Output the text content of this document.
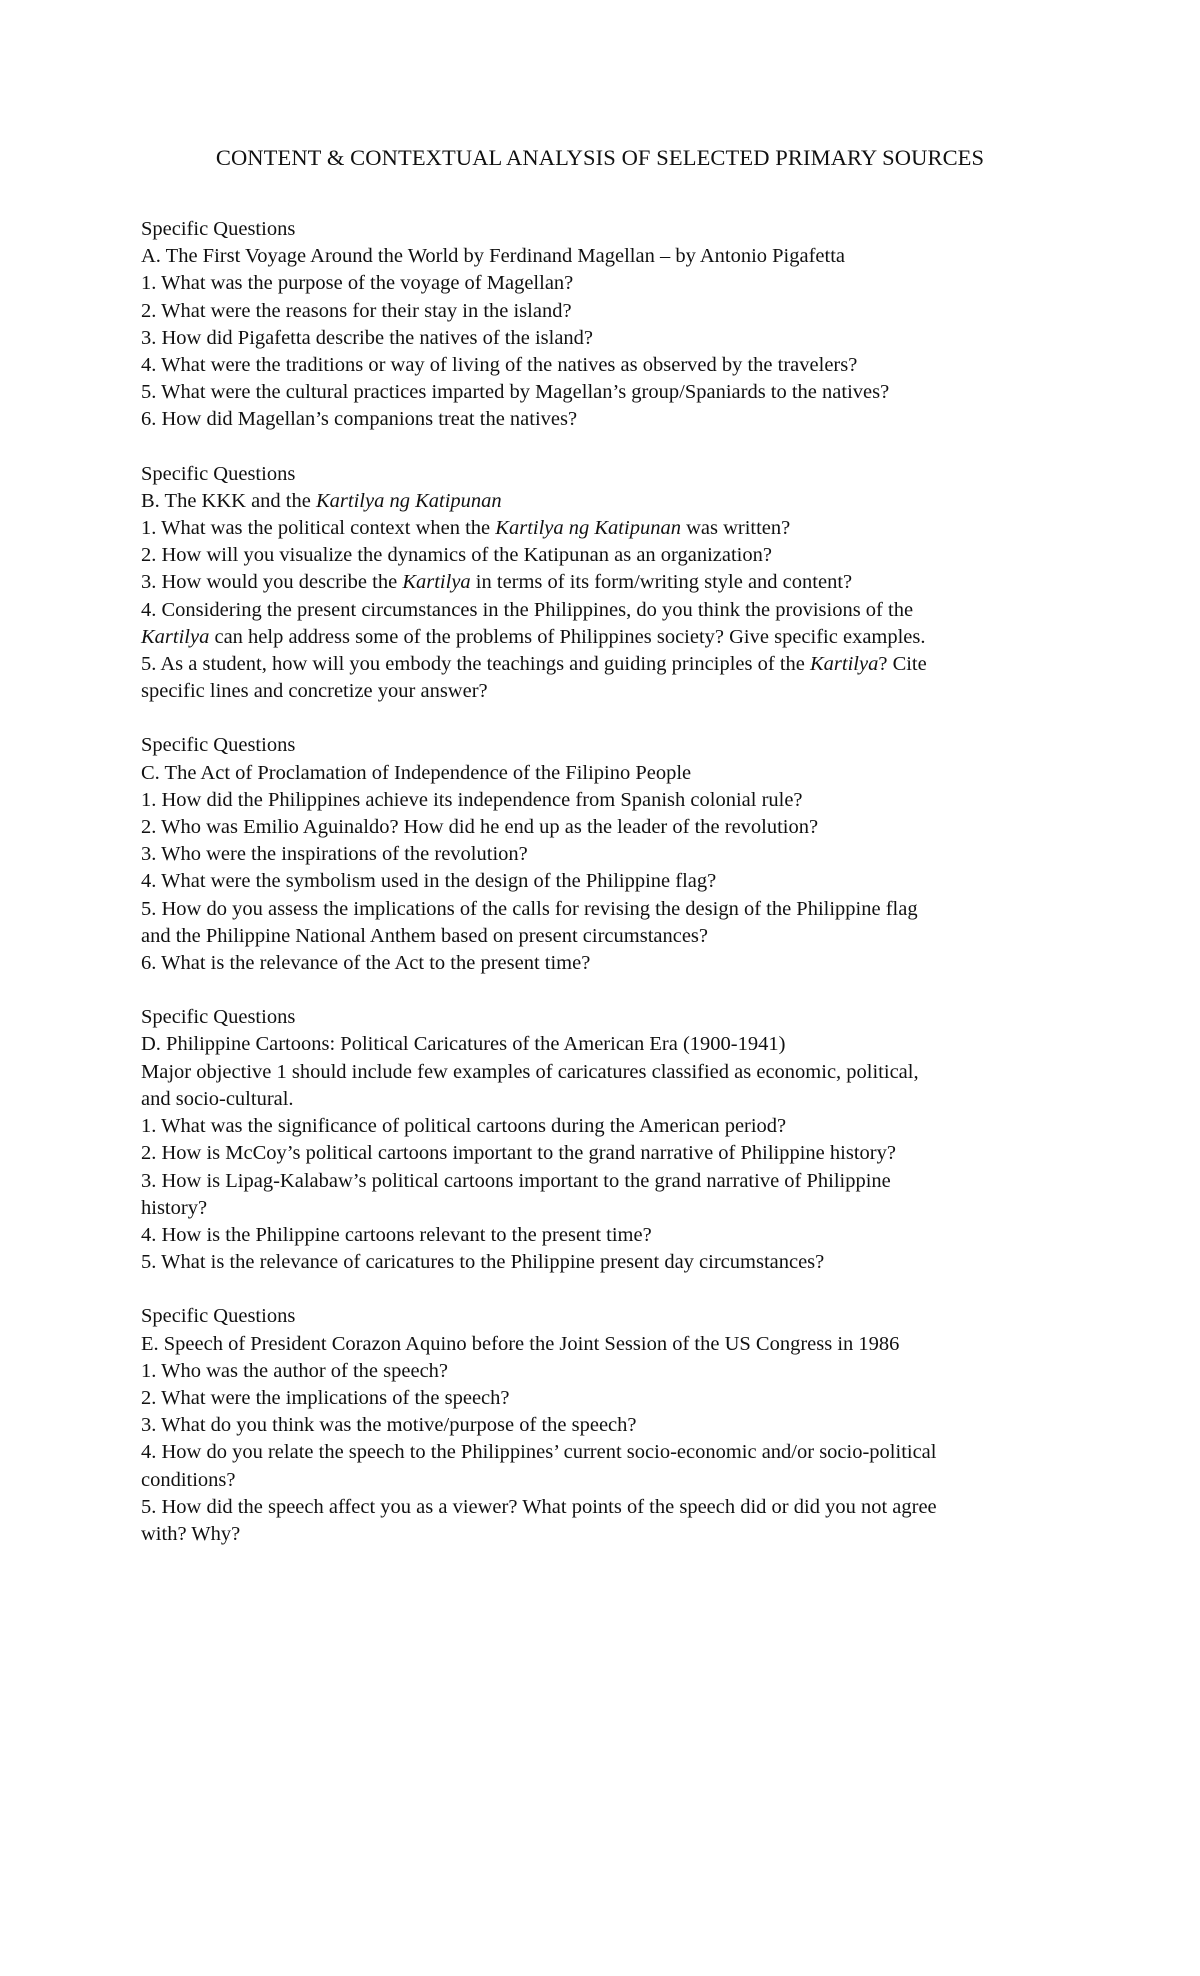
CONTENT & CONTEXTUAL ANALYSIS OF SELECTED PRIMARY SOURCES
Specific Questions
A. The First Voyage Around the World by Ferdinand Magellan – by Antonio Pigafetta
1. What was the purpose of the voyage of Magellan?
2. What were the reasons for their stay in the island?
3. How did Pigafetta describe the natives of the island?
4. What were the traditions or way of living of the natives as observed by the travelers?
5. What were the cultural practices imparted by Magellan’s group/Spaniards to the natives?
6. How did Magellan’s companions treat the natives?
Specific Questions
B. The KKK and the Kartilya ng Katipunan
1. What was the political context when the Kartilya ng Katipunan was written?
2. How will you visualize the dynamics of the Katipunan as an organization?
3. How would you describe the Kartilya in terms of its form/writing style and content?
4. Considering the present circumstances in the Philippines, do you think the provisions of the
Kartilya can help address some of the problems of Philippines society? Give specific examples.
5. As a student, how will you embody the teachings and guiding principles of the Kartilya? Cite
specific lines and concretize your answer?
Specific Questions
C. The Act of Proclamation of Independence of the Filipino People
1. How did the Philippines achieve its independence from Spanish colonial rule?
2. Who was Emilio Aguinaldo? How did he end up as the leader of the revolution?
3. Who were the inspirations of the revolution?
4. What were the symbolism used in the design of the Philippine flag?
5. How do you assess the implications of the calls for revising the design of the Philippine flag
and the Philippine National Anthem based on present circumstances?
6. What is the relevance of the Act to the present time?
Specific Questions
D. Philippine Cartoons: Political Caricatures of the American Era (1900-1941)
Major objective 1 should include few examples of caricatures classified as economic, political,
and socio-cultural.
1. What was the significance of political cartoons during the American period?
2. How is McCoy’s political cartoons important to the grand narrative of Philippine history?
3. How is Lipag-Kalabaw’s political cartoons important to the grand narrative of Philippine
history?
4. How is the Philippine cartoons relevant to the present time?
5. What is the relevance of caricatures to the Philippine present day circumstances?
Specific Questions
E. Speech of President Corazon Aquino before the Joint Session of the US Congress in 1986
1. Who was the author of the speech?
2. What were the implications of the speech?
3. What do you think was the motive/purpose of the speech?
4. How do you relate the speech to the Philippines’ current socio-economic and/or socio-political
conditions?
5. How did the speech affect you as a viewer? What points of the speech did or did you not agree
with? Why?
